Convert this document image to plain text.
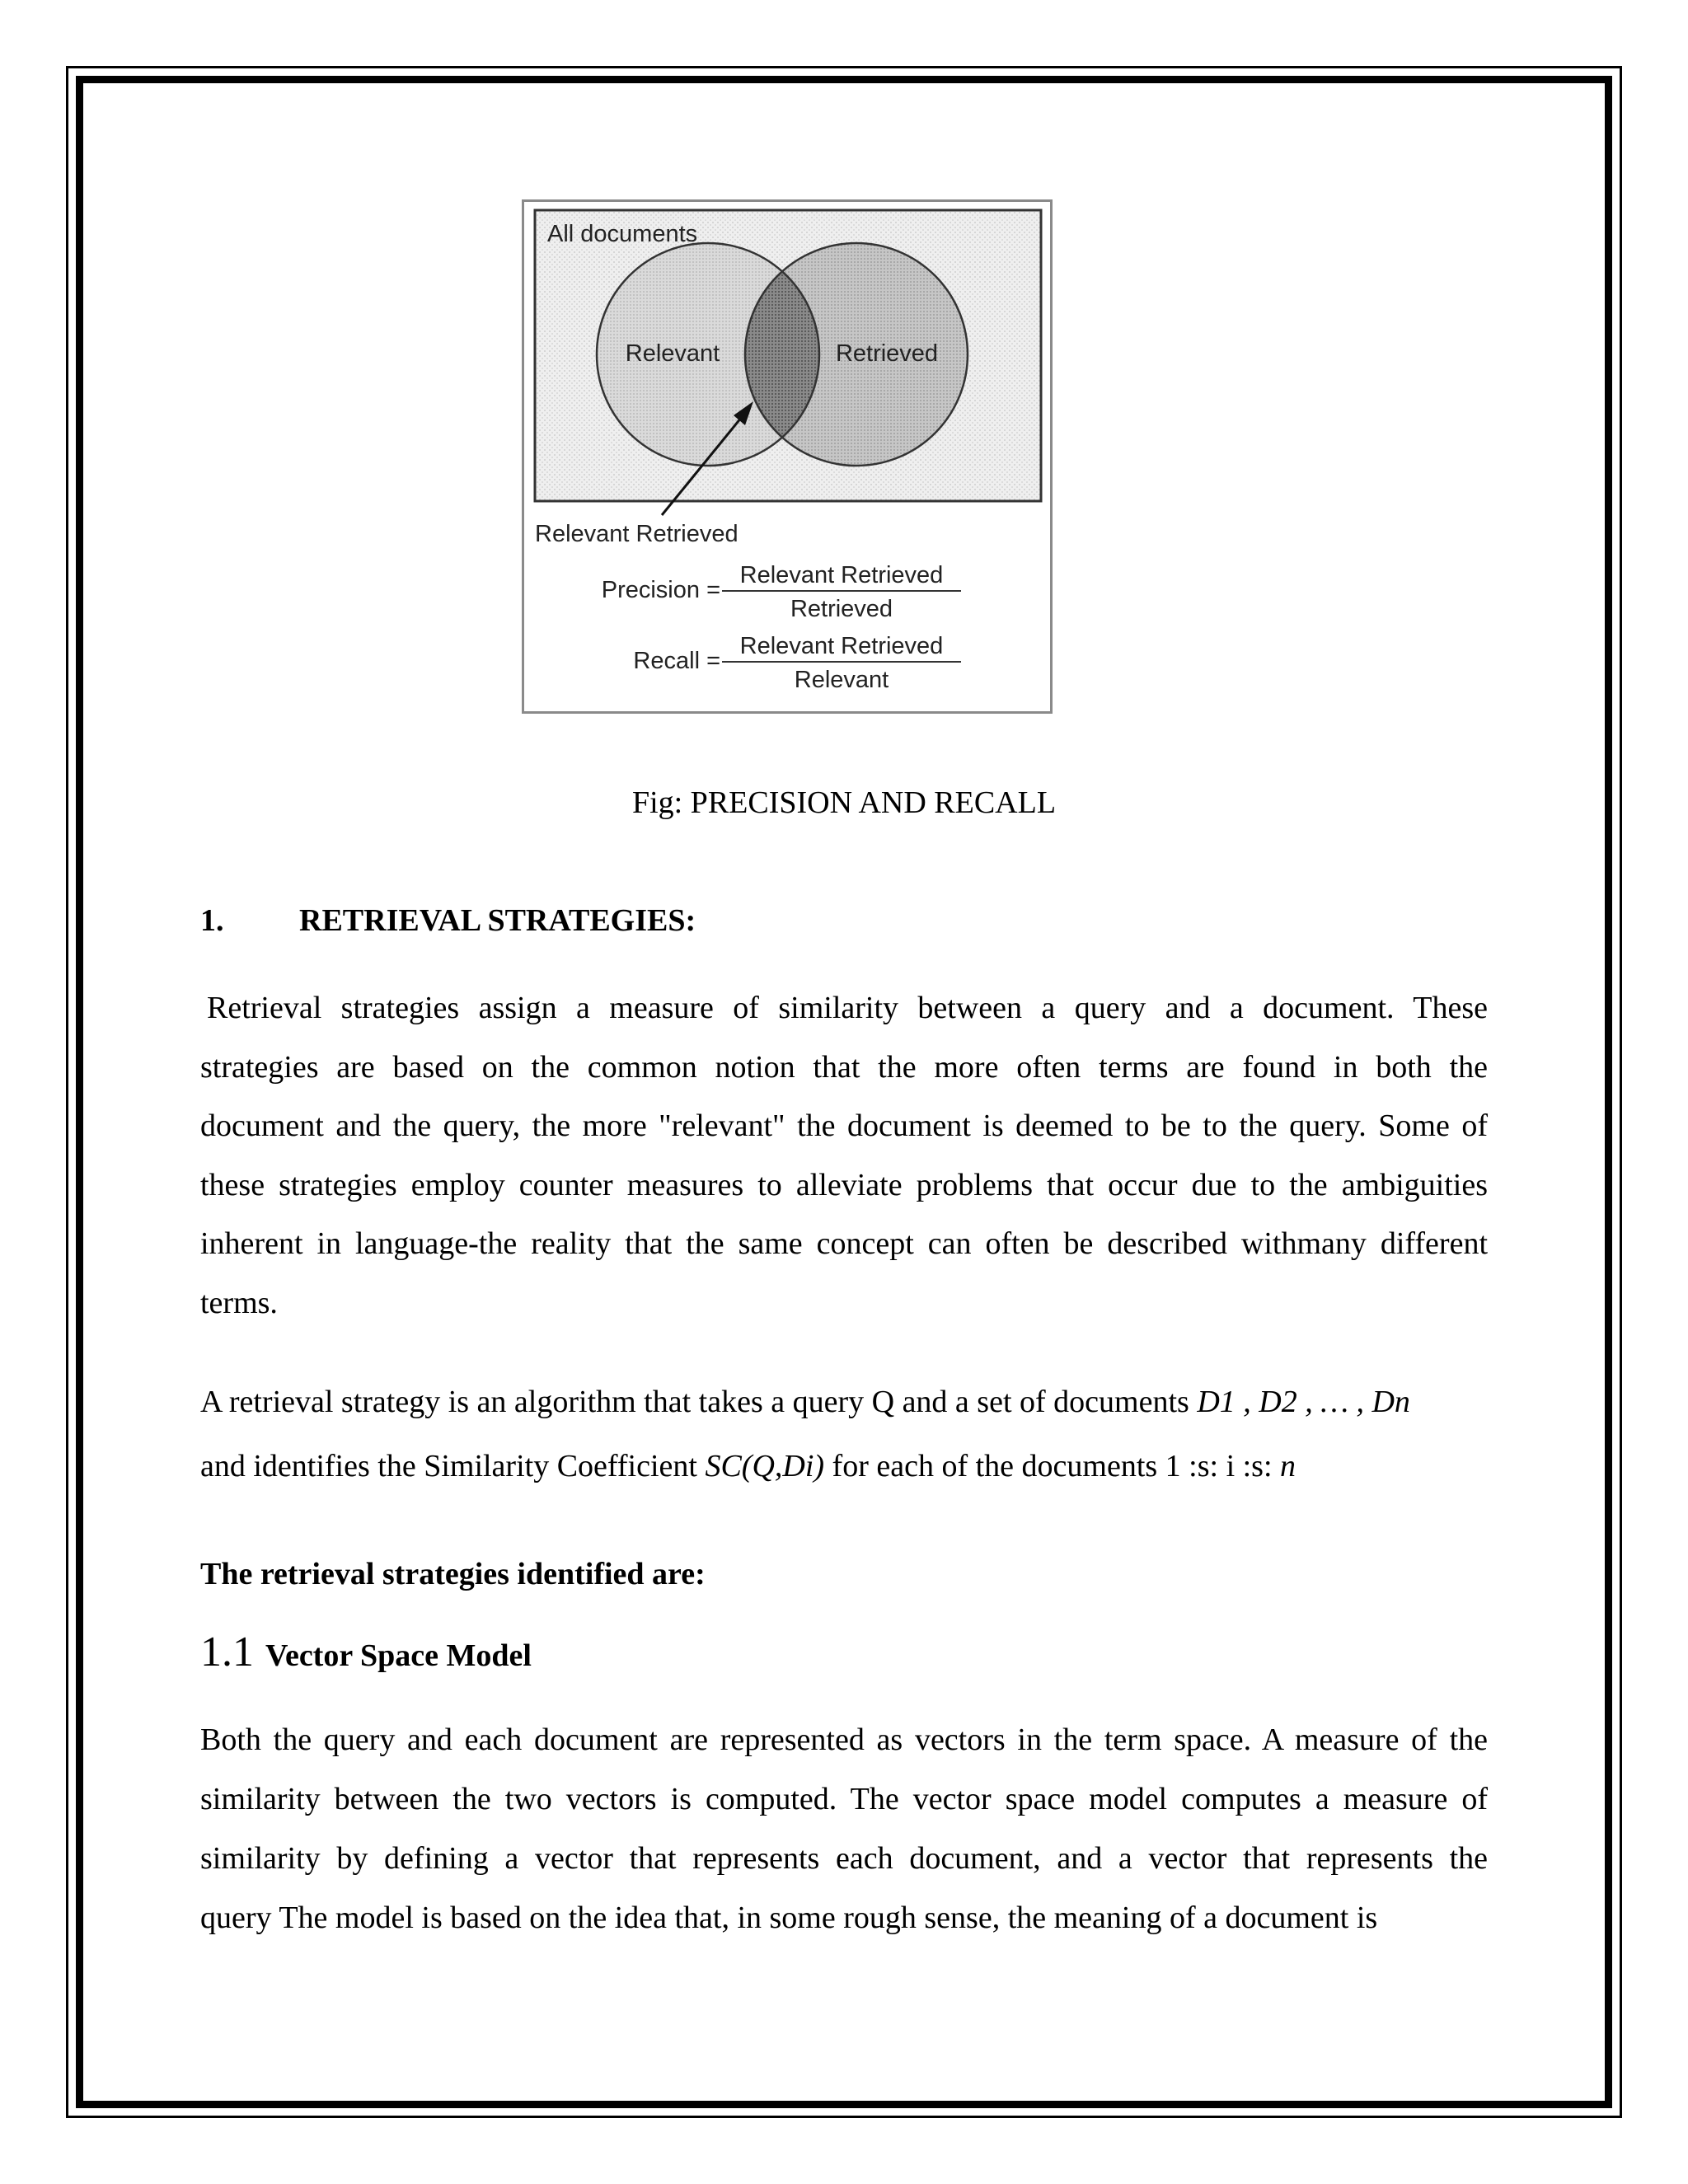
All documents
Relevant	Retrieved
Relevant Retrieved
Precision =
Relevant Retrieved
Retrieved
Recall =
Relevant Retrieved
Relevant
Fig: PRECISION AND RECALL
1. RETRIEVAL STRATEGIES:
Retrieval strategies assign a measure of similarity between a query and a document. These
strategies are based on the common notion that the more often terms are found in both the
document and the query, the more "relevant" the document is deemed to be to the query. Some of
these strategies employ counter measures to alleviate problems that occur due to the ambiguities
inherent in language-the reality that the same concept can often be described withmany different
terms.
A retrieval strategy is an algorithm that takes a query Q and a set of documents D1 , D2 , … , Dn
and identifies the Similarity Coefficient SC(Q,Di) for each of the documents 1 :s: i :s: n
The retrieval strategies identified are:
1.1 Vector Space Model
Both the query and each document are represented as vectors in the term space. A measure of the
similarity between the two vectors is computed. The vector space model computes a measure of
similarity by defining a vector that represents each document, and a vector that represents the
query The model is based on the idea that, in some rough sense, the meaning of a document is
